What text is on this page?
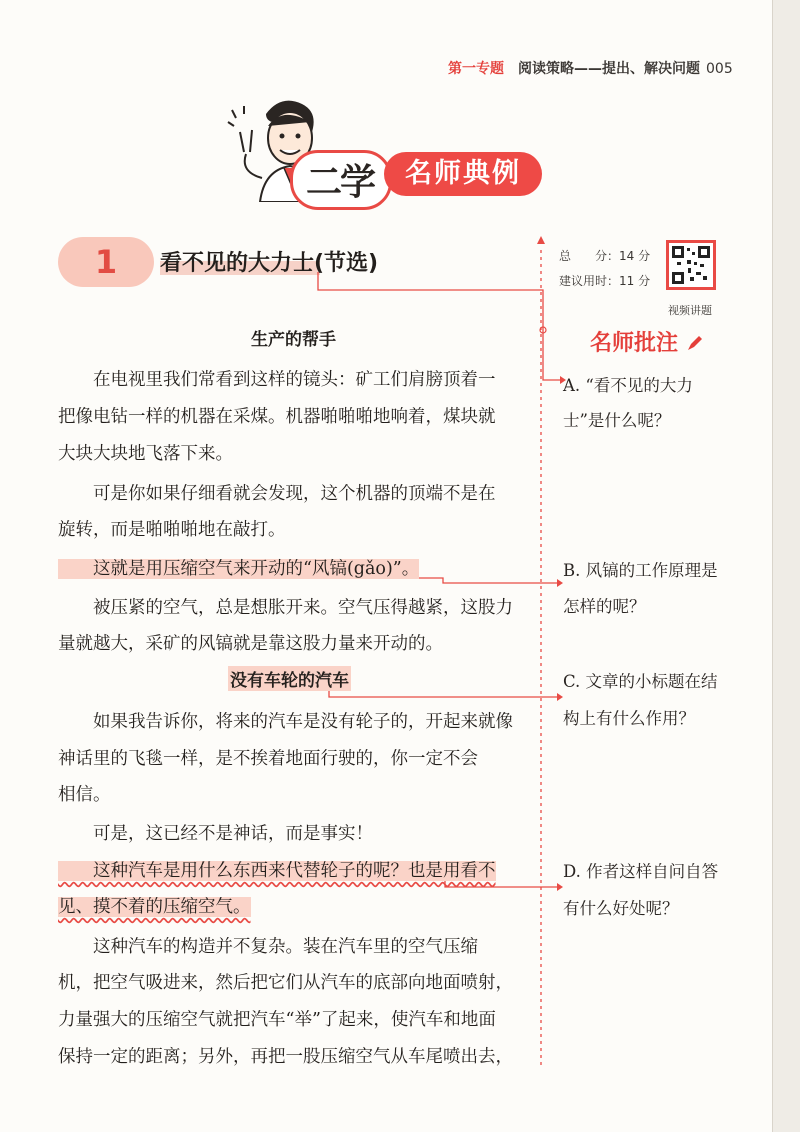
第一专题 阅读策略——提出、解决问题 005
二学	名师典例
1	看不见的大力士(节选)	总　　分：14 分
建议用时：11 分
视频讲题
名师批注
生产的帮手
　　在电视里我们常看到这样的镜头：矿工们肩膀顶着一
把像电钻一样的机器在采煤。机器啪啪啪地响着，煤块就
大块大块地飞落下来。
　　可是你如果仔细看就会发现，这个机器的顶端不是在
旋转，而是啪啪啪地在敲打。
　　这就是用压缩空气来开动的“风镐(gǎo)”。
　　被压紧的空气，总是想胀开来。空气压得越紧，这股力
量就越大，采矿的风镐就是靠这股力量来开动的。
没有车轮的汽车
　　如果我告诉你，将来的汽车是没有轮子的，开起来就像
神话里的飞毯一样，是不挨着地面行驶的，你一定不会
相信。
　　可是，这已经不是神话，而是事实！
　　这种汽车是用什么东西来代替轮子的呢？也是用看不
见、摸不着的压缩空气。
　　这种汽车的构造并不复杂。装在汽车里的空气压缩
机，把空气吸进来，然后把它们从汽车的底部向地面喷射，
力量强大的压缩空气就把汽车“举”了起来，使汽车和地面
保持一定的距离；另外，再把一股压缩空气从车尾喷出去，
A. “看不见的大力
士”是什么呢？
B. 风镐的工作原理是
怎样的呢？
C. 文章的小标题在结
构上有什么作用？
D. 作者这样自问自答
有什么好处呢？
